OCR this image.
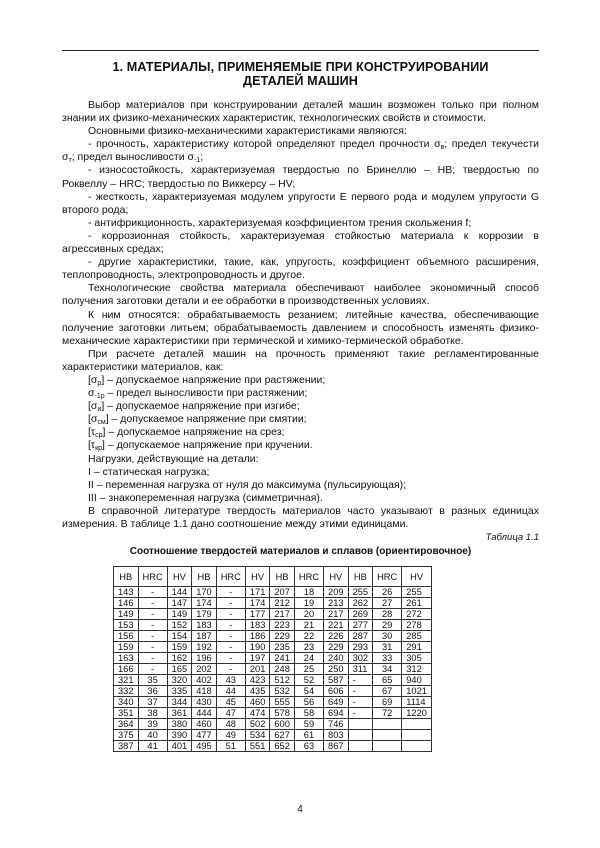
1. МАТЕРИАЛЫ, ПРИМЕНЯЕМЫЕ ПРИ КОНСТРУИРОВАНИИ
ДЕТАЛЕЙ МАШИН

Выбор материалов при конструировании деталей машин возможен только при полном знании их физико-механических характеристик, технологических свойств и стоимости.

Основными физико-механическими характеристиками являются:

- прочность, характеристику которой определяют предел прочности $\sigma_в$; предел текучести $\sigma_т$; предел выносливости $\sigma_{-1}$;

- износостойкость, характеризуемая твердостью по Бринеллю – HB; твердостью по Роквеллу – HRC; твердостью по Виккерсу – HV;

- жесткость, характеризуемая модулем упругости E первого рода и модулем упругости G второго рода;

- антифрикционность, характеризуемая коэффициентом трения скольжения f;

- коррозионная стойкость, характеризуемая стойкостью материала к коррозии в агрессивных средах;

- другие характеристики, такие, как, упругость, коэффициент объемного расширения, теплопроводность, электропроводность и другое.

Технологические свойства материала обеспечивают наиболее экономичный способ получения заготовки детали и ее обработки в производственных условиях.

К ним относятся: обрабатываемость резанием; литейные качества, обеспечивающие получение заготовки литьем; обрабатываемость давлением и способность изменять физико-механические характеристики при термической и химико-термической обработке.

При расчете деталей машин на прочность применяют такие регламентированные характеристики материалов, как:

$[\sigma_р]$ – допускаемое напряжение при растяжении;

$\sigma_{-1р}$ – предел выносливости при растяжении;

$[\sigma_и]$ – допускаемое напряжение при изгибе;

$[\sigma_{см}]$ – допускаемое напряжение при смятии;

$[\tau_{ср}]$ – допускаемое напряжение на срез;

$[\tau_{кр}]$ – допускаемое напряжение при кручении.

Нагрузки, действующие на детали:

I – статическая нагрузка;

II – переменная нагрузка от нуля до максимума (пульсирующая);

III – знакопеременная нагрузка (симметричная).

В справочной литературе твердость материалов часто указывают в разных единицах измерения. В таблице 1.1 дано соотношение между этими единицами.

Таблица 1.1
Соотношение твердостей материалов и сплавов (ориентировочное)
HB	HRC	HV	HB	HRC	HV	HB	HRC	HV	HB	HRC	HV
143	-	144	170	-	171	207	18	209	255	26	255
146	-	147	174	-	174	212	19	213	262	27	261
149	-	149	179	-	177	217	20	217	269	28	272
153	-	152	183	-	183	223	21	221	277	29	278
156	-	154	187	-	186	229	22	226	287	30	285
159	-	159	192	-	190	235	23	229	293	31	291
163	-	162	196	-	197	241	24	240	302	33	305
166	-	165	202	-	201	248	25	250	311	34	312
321	35	320	402	43	423	512	52	587	-	65	940
332	36	335	418	44	435	532	54	606	-	67	1021
340	37	344	430	45	460	555	56	649	-	69	1114
351	38	361	444	47	474	578	58	694	-	72	1220
364	39	380	460	48	502	600	59	746			
375	40	390	477	49	534	627	61	803			
387	41	401	495	51	551	652	63	867			
4
